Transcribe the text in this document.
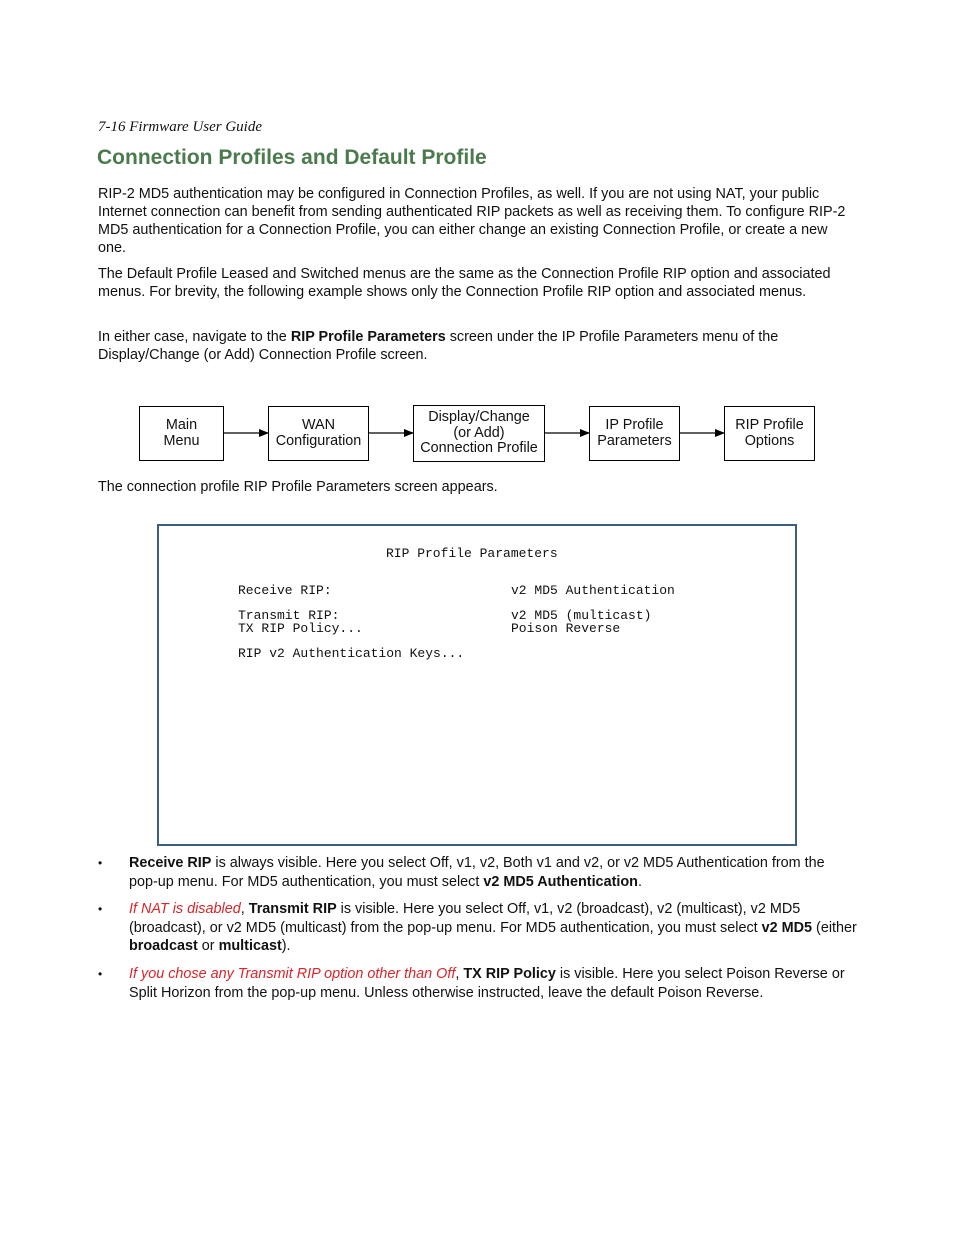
7-16 Firmware User Guide
Connection Profiles and Default Profile

RIP-2 MD5 authentication may be configured in Connection Profiles, as well. If you are not using NAT, your public Internet connection can benefit from sending authenticated RIP packets as well as receiving them. To configure RIP-2 MD5 authentication for a Connection Profile, you can either change an existing Connection Profile, or create a new one.

The Default Profile Leased and Switched menus are the same as the Connection Profile RIP option and associated menus. For brevity, the following example shows only the Connection Profile RIP option and associated menus.

In either case, navigate to the RIP Profile Parameters screen under the IP Profile Parameters menu of the Display/Change (or Add) Connection Profile screen.

Main
Menu
WAN
Configuration
Display/Change
(or Add)
Connection Profile
IP Profile
Parameters
RIP Profile
Options

The connection profile RIP Profile Parameters screen appears.

RIP Profile Parameters
Receive RIP:	v2 MD5 Authentication
Transmit RIP:	v2 MD5 (multicast)
TX RIP Policy...	Poison Reverse
RIP v2 Authentication Keys...
• Receive RIP is always visible. Here you select Off, v1, v2, Both v1 and v2, or v2 MD5 Authentication from the pop-up menu. For MD5 authentication, you must select v2 MD5 Authentication.
• If NAT is disabled, Transmit RIP is visible. Here you select Off, v1, v2 (broadcast), v2 (multicast), v2 MD5 (broadcast), or v2 MD5 (multicast) from the pop-up menu. For MD5 authentication, you must select v2 MD5 (either broadcast or multicast).
• If you chose any Transmit RIP option other than Off, TX RIP Policy is visible. Here you select Poison Reverse or Split Horizon from the pop-up menu. Unless otherwise instructed, leave the default Poison Reverse.
